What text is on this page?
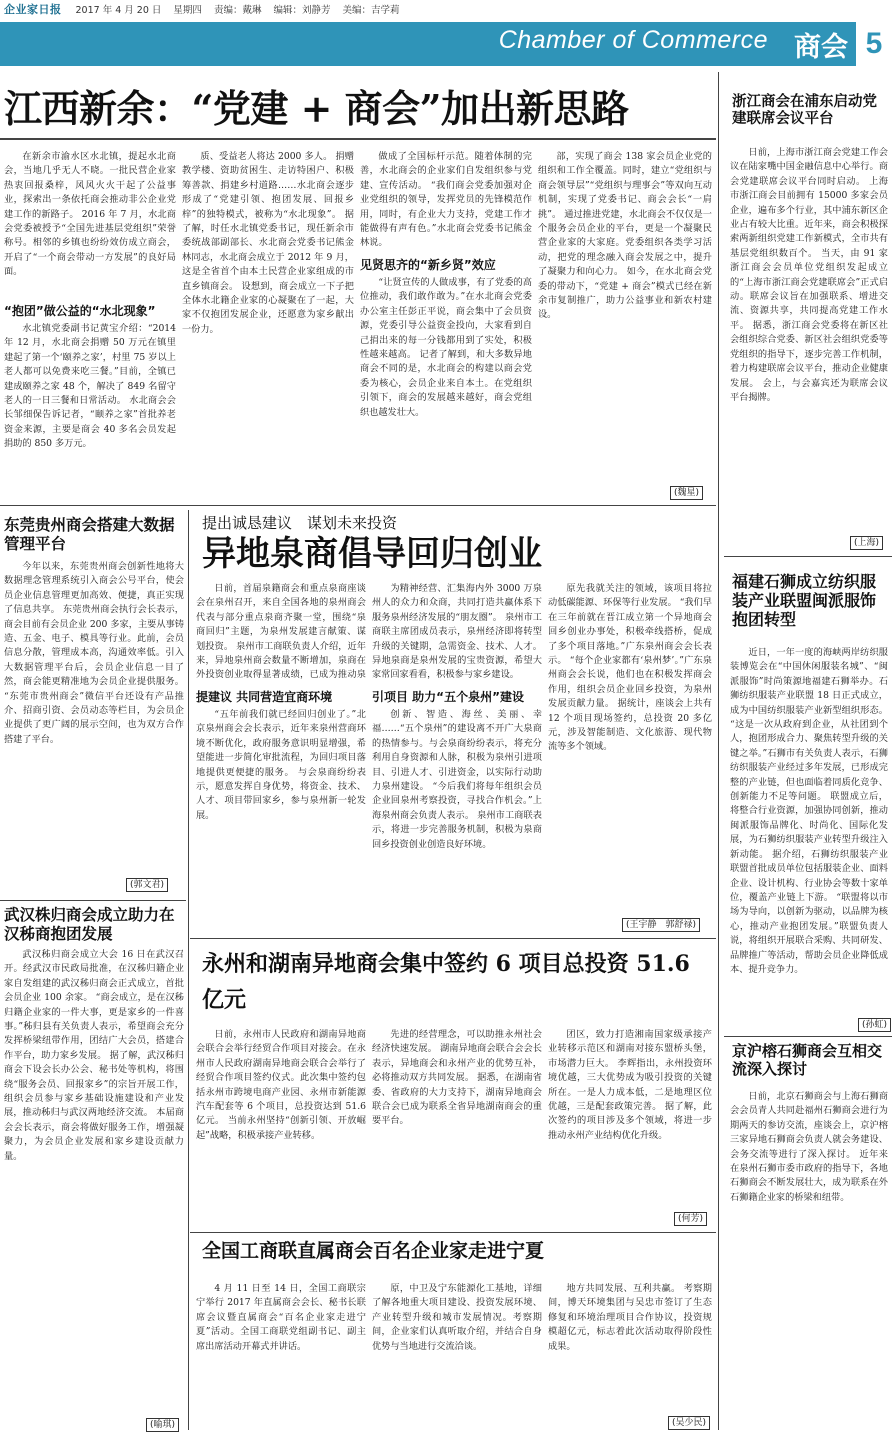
企业家日报 2017 年 4 月 20 日 星期四 责编：戴琳 编辑：刘静芳 美编：吉学莉
Chamber of Commerce 商会 5
江西新余：“党建 + 商会”加出新思路
在新余市渝水区水北镇，提起水北商会，当地几乎无人不晓。一批民营企业家热衷回报桑梓，风风火火干起了公益事业，探索出一条依托商会推动非公企业党建工作的新路子。 2016 年 7 月，水北商会党委被授予“全国先进基层党组织”荣誉称号。相邻的乡镇也纷纷效仿成立商会，开启了“一个商会带动一方发展”的良好局面。
“抱团”做公益的“水北现象”
水北镇党委副书记黄宝介绍：“2014 年 12 月，水北商会捐赠 50 万元在镇里建起了第一个‘颐养之家’，村里 75 岁以上老人都可以免费来吃三餐。”目前，全镇已建成颐养之家 48 个，解决了 849 名留守老人的一日三餐和日常活动。 水北商会会长邹细保告诉记者，“颐养之家”首批养老资金来源，主要是商会 40 多名会员发起捐助的 850 多万元。
质、受益老人将达 2000 多人。 捐赠教学楼、资助贫困生、走访特困户、积极筹善款、捐建乡村道路……水北商会逐步形成了“党建引领、抱团发展、回报乡梓”的独特模式，被称为“水北现象”。 据了解，时任水北镇党委书记，现任新余市委统战部副部长、水北商会党委书记熊金林同志，水北商会成立于 2012 年 9 月，这是全省首个由本土民营企业家组成的市直乡镇商会。 设想到，商会成立一下子把全体水北籍企业家的心凝聚在了一起，大家不仅抱团发展企业，还愿意为家乡献出一份力。
做成了全国标杆示范。随着体制的完善，水北商会的企业家们自发组织参与党建、宣传活动。 “我们商会党委加强对企业党组织的领导，发挥党员的先锋模范作用，同时，有企业大力支持，党建工作才能做得有声有色。”水北商会党委书记熊金林说。
见贤思齐的“新乡贤”效应
“让贤宣传的人做成事，有了党委的高位推动，我们敢作敢为。”在水北商会党委办公室主任彭正平说，商会集中了会员资源，党委引导公益资金投向，大家看到自己捐出来的每一分钱都用到了实处，积极性越来越高。 记者了解到，和大多数异地商会不同的是，水北商会的构建以商会党委为核心，会员企业来自本土。在党组织引领下，商会的发展越来越好，商会党组织也越发壮大。
部，实现了商会 138 家会员企业党的组织和工作全覆盖。同时，建立“党组织与商会领导层”“党组织与理事会”等双向互动机制，实现了党委书记、商会会长“一肩挑”。 通过推进党建，水北商会不仅仅是一个服务会员企业的平台，更是一个凝聚民营企业家的大家庭。党委组织各类学习活动，把党的理念融入商会发展之中，提升了凝聚力和向心力。 如今，在水北商会党委的带动下，“党建 + 商会”模式已经在新余市复制推广，助力公益事业和新农村建设。
(魏星)
浙江商会在浦东启动党建联席会议平台
日前，上海市浙江商会党建工作会议在陆家嘴中国金融信息中心举行。商会党建联席会议平台同时启动。 上海市浙江商会目前拥有 15000 多家会员企业，遍布多个行业，其中浦东新区企业占有较大比重。近年来，商会积极探索两新组织党建工作新模式，全市共有基层党组织数百个。 当天，由 91 家浙江商会会员单位党组织发起成立的“上海市浙江商会党建联席会”正式启动。联席会议旨在加强联系、增进交流、资源共享，共同提高党建工作水平。 据悉，浙江商会党委将在新区社会组织综合党委、新区社会组织党委等党组织的指导下，逐步完善工作机制，着力构建联席会议平台，推动企业健康发展。 会上，与会嘉宾还为联席会议平台揭牌。
(上海)
东莞贵州商会搭建大数据管理平台
今年以来，东莞贵州商会创新性地将大数据理念管理系统引入商会公号平台，使会员企业信息管理更加高效、便捷，真正实现了信息共享。 东莞贵州商会执行会长表示，商会目前有会员企业 200 多家，主要从事铸造、五金、电子、模具等行业。此前，会员信息分散，管理成本高，沟通效率低。引入大数据管理平台后，会员企业信息一目了然，商会能更精准地为会员企业提供服务。 “东莞市贵州商会”微信平台还设有产品推介、招商引资、会员动态等栏目，为会员企业提供了更广阔的展示空间，也为双方合作搭建了平台。
(郭文君)
武汉株归商会成立助力在汉秭商抱团发展
武汉秭归商会成立大会 16 日在武汉召开。经武汉市民政局批准，在汉秭归籍企业家自发组建的武汉秭归商会正式成立，首批会员企业 100 余家。 “商会成立，是在汉秭归籍企业家的一件大事，更是家乡的一件喜事。”秭归县有关负责人表示，希望商会充分发挥桥梁纽带作用，团结广大会员，搭建合作平台，助力家乡发展。 据了解，武汉秭归商会下设会长办公会、秘书处等机构，将围绕“服务会员、回报家乡”的宗旨开展工作，组织会员参与家乡基础设施建设和产业发展，推动秭归与武汉两地经济交流。 本届商会会长表示，商会将做好服务工作，增强凝聚力，为会员企业发展和家乡建设贡献力量。
(喻琪)
提出诚恳建议　谋划未来投资
异地泉商倡导回归创业
日前，首届泉籍商会和重点泉商座谈会在泉州召开，来自全国各地的泉州商会代表与部分重点泉商齐聚一堂，围绕“泉商回归”主题，为泉州发展建言献策、谋划投资。 泉州市工商联负责人介绍，近年来，异地泉州商会数量不断增加，泉商在外投资创业取得显著成绩，已成为推动泉
提建议 共同营造宜商环境
“五年前我们就已经回归创业了。”北京泉州商会会长表示，近年来泉州营商环境不断优化，政府服务意识明显增强，希望能进一步简化审批流程，为回归项目落地提供更便捷的服务。 与会泉商纷纷表示，愿意发挥自身优势，将资金、技术、人才、项目带回家乡，参与泉州新一轮发展。
为精神经营、汇集海内外 3000 万泉州人的众力和众商，共同打造共赢体系下服务泉州经济发展的“朋友圈”。 泉州市工商联主席团成员表示，泉州经济即将转型升级的关键期，急需资金、技术、人才。异地泉商是泉州发展的宝贵资源，希望大家常回家看看，积极参与家乡建设。
引项目 助力“五个泉州”建设
创新、智造、海丝、美丽、幸福……“五个泉州”的建设离不开广大泉商的热情参与。与会泉商纷纷表示，将充分利用自身资源和人脉，积极为泉州引进项目、引进人才、引进资金，以实际行动助力泉州建设。 “今后我们将每年组织会员企业回泉州考察投资，寻找合作机会。”上海泉州商会负责人表示。 泉州市工商联表示，将进一步完善服务机制，积极为泉商回乡投资创业创造良好环境。
原先我就关注的领域，该项目将拉动低碳能源、环保等行业发展。 “我们早在三年前就在晋江成立第一个异地商会回乡创业办事处，积极牵线搭桥，促成了多个项目落地。”广东泉州商会会长表示。 “每个企业家都有‘泉州梦’。”广东泉州商会会长说，他们也在积极发挥商会作用，组织会员企业回乡投资，为泉州发展贡献力量。 据统计，座谈会上共有 12 个项目现场签约，总投资 20 多亿元，涉及智能制造、文化旅游、现代物流等多个领域。
(王宇静　郭舒禄)
永州和湖南异地商会集中签约 6 项目总投资 51.6 亿元
日前，永州市人民政府和湖南异地商会联合会举行经贸合作项目对接会。在永州市人民政府湖南异地商会联合会举行了经贸合作项目签约仪式。此次集中签约包括永州市跨境电商产业园、永州市新能源汽车配套等 6 个项目，总投资达到 51.6 亿元。 当前永州坚持“创新引领、开放崛起”战略，积极承接产业转移。
先进的经营理念，可以助推永州社会经济快速发展。 湖南异地商会联合会会长表示，异地商会和永州产业的优势互补，必将推动双方共同发展。 据悉，在湖南省委、省政府的大力支持下，湖南异地商会联合会已成为联系全省异地湖南商会的重要平台。
团区，致力打造湘南国家级承接产业转移示范区和湖南对接东盟桥头堡，市场潜力巨大。 李辉指出，永州投资环境优越，三大优势成为吸引投资的关键所在。一是人力成本低，二是地理区位优越，三是配套政策完善。 据了解，此次签约的项目涉及多个领域，将进一步推动永州产业结构优化升级。
(何芳)
全国工商联直属商会百名企业家走进宁夏
4 月 11 日至 14 日，全国工商联宗宁举行 2017 年直属商会会长、秘书长联席会议暨直属商会“百名企业家走进宁夏”活动。全国工商联党组副书记、副主席出席活动开幕式并讲话。
原，中卫及宁东能源化工基地，详细了解各地重大项目建设、投资发展环境、产业转型升级和城市发展情况。考察期间，企业家们认真听取介绍，并结合自身优势与当地进行交流洽谈。
地方共同发展、互利共赢。 考察期间，博天环境集团与吴忠市签订了生态修复和环境治理项目合作协议，投资规模超亿元，标志着此次活动取得阶段性成果。
(吴少民)
福建石狮成立纺织服装产业联盟闽派服饰抱团转型
近日，一年一度的海峡两岸纺织服装博览会在“中国休闲服装名城”、“闽派服饰”时尚策源地福建石狮举办。石狮纺织服装产业联盟 18 日正式成立，成为中国纺织服装产业新型组织形态。 “这是一次从政府到企业，从社团到个人，抱团形成合力、聚焦转型升级的关键之举。”石狮市有关负责人表示，石狮纺织服装产业经过多年发展，已形成完整的产业链，但也面临着同质化竞争、创新能力不足等问题。 联盟成立后，将整合行业资源，加强协同创新，推动闽派服饰品牌化、时尚化、国际化发展，为石狮纺织服装产业转型升级注入新动能。 据介绍，石狮纺织服装产业联盟首批成员单位包括服装企业、面料企业、设计机构、行业协会等数十家单位，覆盖产业链上下游。 “联盟将以市场为导向，以创新为驱动，以品牌为核心，推动产业抱团发展。”联盟负责人说，将组织开展联合采购、共同研发、品牌推广等活动，帮助会员企业降低成本、提升竞争力。
(孙虹)
京沪榕石狮商会互相交流深入探讨
日前，北京石狮商会与上海石狮商会会员青人共同赴福州石狮商会进行为期两天的参访交流，座谈会上，京沪榕三家异地石狮商会负责人就会务建设、会务交流等进行了深入探讨。 近年来在泉州石狮市委市政府的指导下，各地石狮商会不断发展壮大，成为联系在外石狮籍企业家的桥梁和纽带。
